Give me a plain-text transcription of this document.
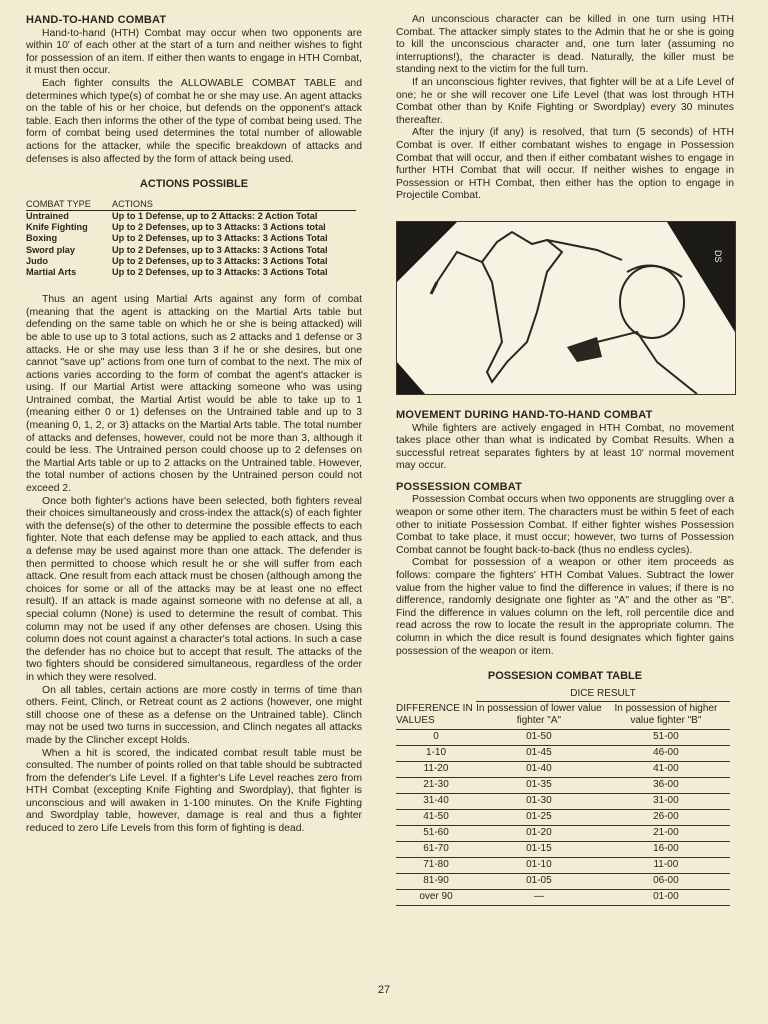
HAND-TO-HAND COMBAT

Hand-to-hand (HTH) Combat may occur when two opponents are within 10' of each other at the start of a turn and neither wishes to fight for possession of an item. If either then wants to engage in HTH Combat, it must then occur.

Each fighter consults the ALLOWABLE COMBAT TABLE and determines which type(s) of combat he or she may use. An agent attacks on the table of his or her choice, but defends on the opponent's attack table. Each then informs the other of the type of combat being used. The form of combat being used determines the total number of allowable actions for the attacker, while the specific breakdown of attacks and defenses is also affected by the form of attack being used.

ACTIONS POSSIBLE
COMBAT TYPE	ACTIONS
Untrained	Up to 1 Defense, up to 2 Attacks: 2 Action Total
Knife Fighting	Up to 2 Defenses, up to 3 Attacks: 3 Actions total
Boxing	Up to 2 Defenses, up to 3 Attacks: 3 Actions Total
Sword play	Up to 2 Defenses, up to 3 Attacks: 3 Actions Total
Judo	Up to 2 Defenses, up to 3 Attacks: 3 Actions Total
Martial Arts	Up to 2 Defenses, up to 3 Attacks: 3 Actions Total

Thus an agent using Martial Arts against any form of combat (meaning that the agent is attacking on the Martial Arts table but defending on the same table on which he or she is being attacked) will be able to use up to 3 total actions, such as 2 attacks and 1 defense or 3 attacks. He or she may use less than 3 if he or she desires, but one cannot "save up" actions from one turn of combat to the next. The mix of actions varies according to the form of combat the agent's attacker is using. If our Martial Artist were attacking someone who was using Untrained combat, the Martial Artist would be able to take up to 1 (meaning either 0 or 1) defenses on the Untrained table and up to 3 (meaning 0, 1, 2, or 3) attacks on the Martial Arts table. The total number of attacks and defenses, however, could not be more than 3, although it could be less. The Untrained person could choose up to 2 defenses on the Martial Arts table or up to 2 attacks on the Untrained table. However, the total number of actions chosen by the Untrained person could not exceed 2.

Once both fighter's actions have been selected, both fighters reveal their choices simultaneously and cross-index the attack(s) of each fighter with the defense(s) of the other to determine the possible effects to each fighter. Note that each defense may be applied to each attack, and thus a defense may be used against more than one attack. The defender is then permitted to choose which result he or she will suffer from each attack. One result from each attack must be chosen (although among the choices for some or all of the attacks may be at least one no effect result). If an attack is made against someone with no defense at all, a special column (None) is used to determine the result of combat. This column may not be used if any other defenses are chosen. Using this column does not count against a character's total actions. In such a case the defender has no choice but to accept that result. The attacks of the two fighters should be considered simultaneous, regardless of the order in which they were resolved.

On all tables, certain actions are more costly in terms of time than others. Feint, Clinch, or Retreat count as 2 actions (however, one might still choose one of these as a defense on the Untrained table). Clinch may not be used two turns in succession, and Clinch negates all attacks made by the Clincher except Holds.

When a hit is scored, the indicated combat result table must be consulted. The number of points rolled on that table should be subtracted from the defender's Life Level. If a fighter's Life Level reaches zero from HTH Combat (excepting Knife Fighting and Swordplay), that fighter is unconscious and will awaken in 1-100 minutes. On the Knife Fighting and Swordplay table, however, damage is real and thus a fighter reduced to zero Life Levels from this form of fighting is dead.

An unconscious character can be killed in one turn using HTH Combat. The attacker simply states to the Admin that he or she is going to kill the unconscious character and, one turn later (assuming no interruptions!), the character is dead. Naturally, the killer must be standing next to the victim for the full turn.

If an unconscious fighter revives, that fighter will be at a Life Level of one; he or she will recover one Life Level (that was lost through HTH Combat other than by Knife Fighting or Swordplay) every 30 minutes thereafter.

After the injury (if any) is resolved, that turn (5 seconds) of HTH Combat is over. If either combatant wishes to engage in Possession Combat that will occur, and then if either combatant wishes to engage in further HTH Combat that will occur. If neither wishes to engage in Possession or HTH Combat, then either has the option to engage in Projectile Combat.

DS
MOVEMENT DURING HAND-TO-HAND COMBAT

While fighters are actively engaged in HTH Combat, no movement takes place other than what is indicated by Combat Results. When a successful retreat separates fighters by at least 10' normal movement may occur.

POSSESSION COMBAT

Possession Combat occurs when two opponents are struggling over a weapon or some other item. The characters must be within 5 feet of each other to initiate Possession Combat. If either fighter wishes Possession Combat to take place, it must occur; however, two turns of Possession Combat cannot be fought back-to-back (thus no endless cycles).

Combat for possession of a weapon or other item proceeds as follows: compare the fighters' HTH Combat Values. Subtract the lower value from the higher value to find the difference in values; if there is no difference, randomly designate one fighter as "A" and the other as "B". Find the difference in values column on the left, roll percentile dice and read across the row to locate the result in the appropriate column. The column in which the dice result is found designates which fighter gains possession of the weapon or item.

POSSESION COMBAT TABLE
	DICE RESULT	
DIFFERENCE IN VALUES	In possession of lower value fighter "A"	In possession of higher value fighter "B"
0	01-50	51-00
1-10	01-45	46-00
11-20	01-40	41-00
21-30	01-35	36-00
31-40	01-30	31-00
41-50	01-25	26-00
51-60	01-20	21-00
61-70	01-15	16-00
71-80	01-10	11-00
81-90	01-05	06-00
over 90	—	01-00
27
